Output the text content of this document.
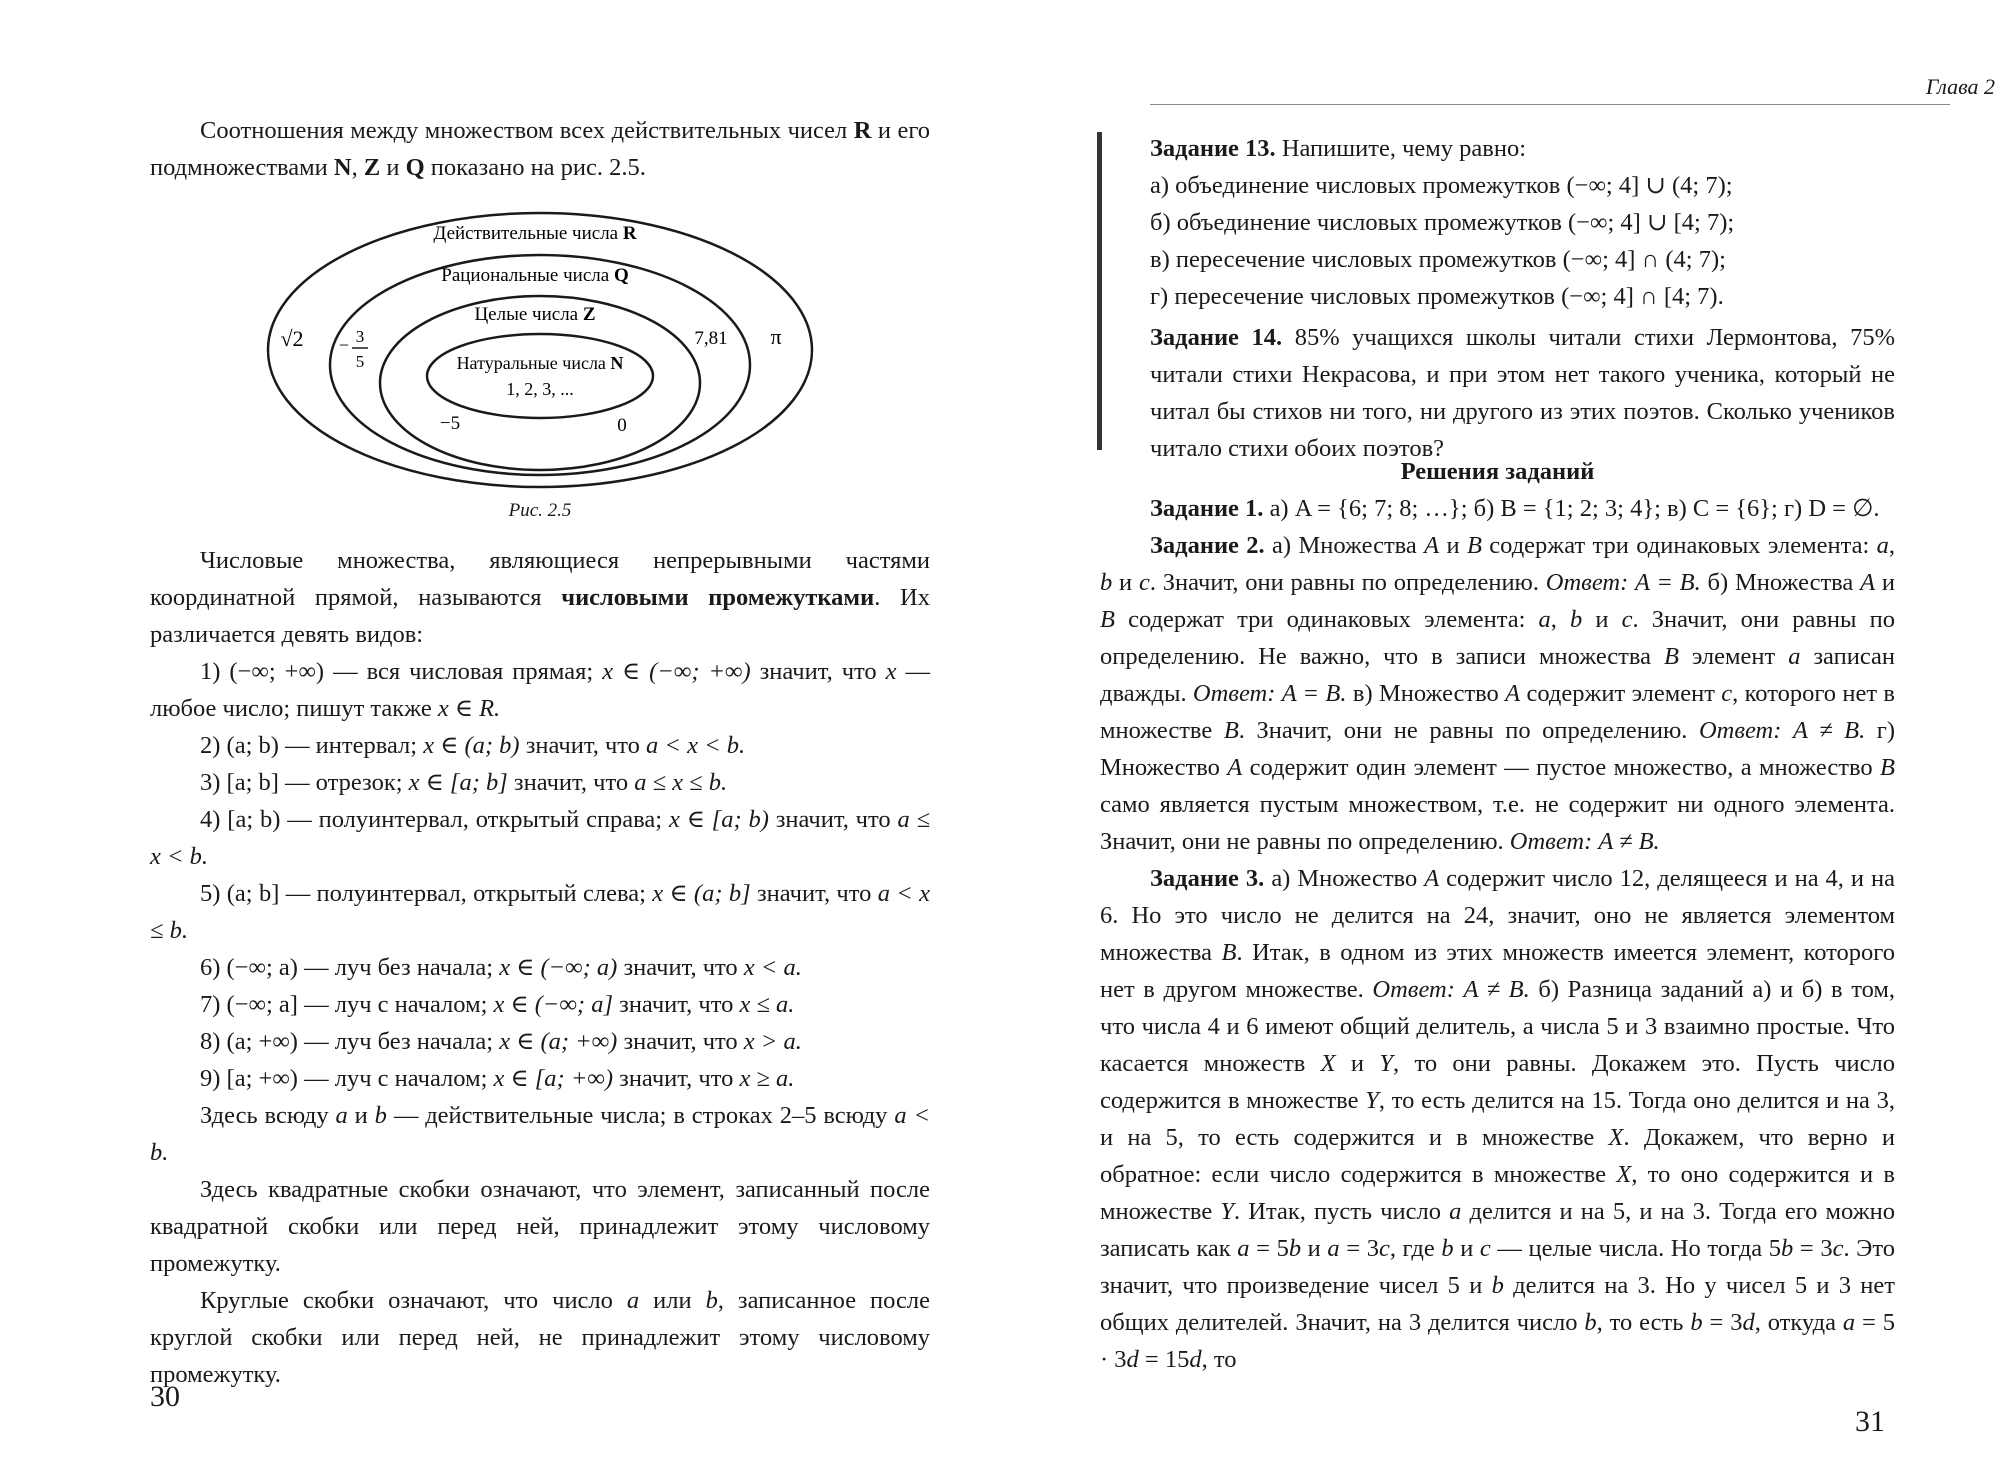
Соотношения между множеством всех действительных чисел R и его подмножествами N, Z и Q показано на рис. 2.5.

Действительные числа R
Рациональные числа Q
Целые числа Z
Натуральные числа N
1, 2, 3, ...
√2 − 3
5
7,81 π
−5	0
Рис. 2.5

Числовые множества, являющиеся непрерывными частями координатной прямой, называются числовыми промежутками. Их различается девять видов:

1) (−∞; +∞) — вся числовая прямая; x ∈ (−∞; +∞) значит, что x — любое число; пишут также x ∈ R.

2) (a; b) — интервал; x ∈ (a; b) значит, что a < x < b.

3) [a; b] — отрезок; x ∈ [a; b] значит, что a ≤ x ≤ b.

4) [a; b) — полуинтервал, открытый справа; x ∈ [a; b) значит, что a ≤ x < b.

5) (a; b] — полуинтервал, открытый слева; x ∈ (a; b] значит, что a < x ≤ b.

6) (−∞; a) — луч без начала; x ∈ (−∞; a) значит, что x < a.

7) (−∞; a] — луч с началом; x ∈ (−∞; a] значит, что x ≤ a.

8) (a; +∞) — луч без начала; x ∈ (a; +∞) значит, что x > a.

9) [a; +∞) — луч с началом; x ∈ [a; +∞) значит, что x ≥ a.

Здесь всюду a и b — действительные числа; в строках 2–5 всюду a < b.

Здесь квадратные скобки означают, что элемент, записанный после квадратной скобки или перед ней, принадлежит этому числовому промежутку.

Круглые скобки означают, что число a или b, записанное после круглой скобки или перед ней, не принадлежит этому числовому промежутку.

30
Глава 2

Задание 13. Напишите, чему равно:

а) объединение числовых промежутков (−∞; 4] ∪ (4; 7);

б) объединение числовых промежутков (−∞; 4] ∪ [4; 7);

в) пересечение числовых промежутков (−∞; 4] ∩ (4; 7);

г) пересечение числовых промежутков (−∞; 4] ∩ [4; 7).

Задание 14. 85% учащихся школы читали стихи Лермонтова, 75% читали стихи Некрасова, и при этом нет такого ученика, который не читал бы стихов ни того, ни другого из этих поэтов. Сколько учеников читало стихи обоих поэтов?

Решения заданий

Задание 1. а) A = {6; 7; 8; …}; б) B = {1; 2; 3; 4}; в) C = {6}; г) D = ∅.

Задание 2. а) Множества A и B содержат три одинаковых элемента: a, b и c. Значит, они равны по определению. Ответ: A = B. б) Множества A и B содержат три одинаковых элемента: a, b и c. Значит, они равны по определению. Не важно, что в записи множества B элемент a записан дважды. Ответ: A = B. в) Множество A содержит элемент c, которого нет в множестве B. Значит, они не равны по определению. Ответ: A ≠ B. г) Множество A содержит один элемент — пустое множество, а множество B само является пустым множеством, т.е. не содержит ни одного элемента. Значит, они не равны по определению. Ответ: A ≠ B.

Задание 3. а) Множество A содержит число 12, делящееся и на 4, и на 6. Но это число не делится на 24, значит, оно не является элементом множества B. Итак, в одном из этих множеств имеется элемент, которого нет в другом множестве. Ответ: A ≠ B. б) Разница заданий а) и б) в том, что числа 4 и 6 имеют общий делитель, а числа 5 и 3 взаимно простые. Что касается множеств X и Y, то они равны. Докажем это. Пусть число содержится в множестве Y, то есть делится на 15. Тогда оно делится и на 3, и на 5, то есть содержится и в множестве X. Докажем, что верно и обратное: если число содержится в множестве X, то оно содержится и в множестве Y. Итак, пусть число a делится и на 5, и на 3. Тогда его можно записать как a = 5b и a = 3c, где b и c — целые числа. Но тогда 5b = 3c. Это значит, что произведение чисел 5 и b делится на 3. Но у чисел 5 и 3 нет общих делителей. Значит, на 3 делится число b, то есть b = 3d, откуда a = 5 · 3d = 15d, то

31
